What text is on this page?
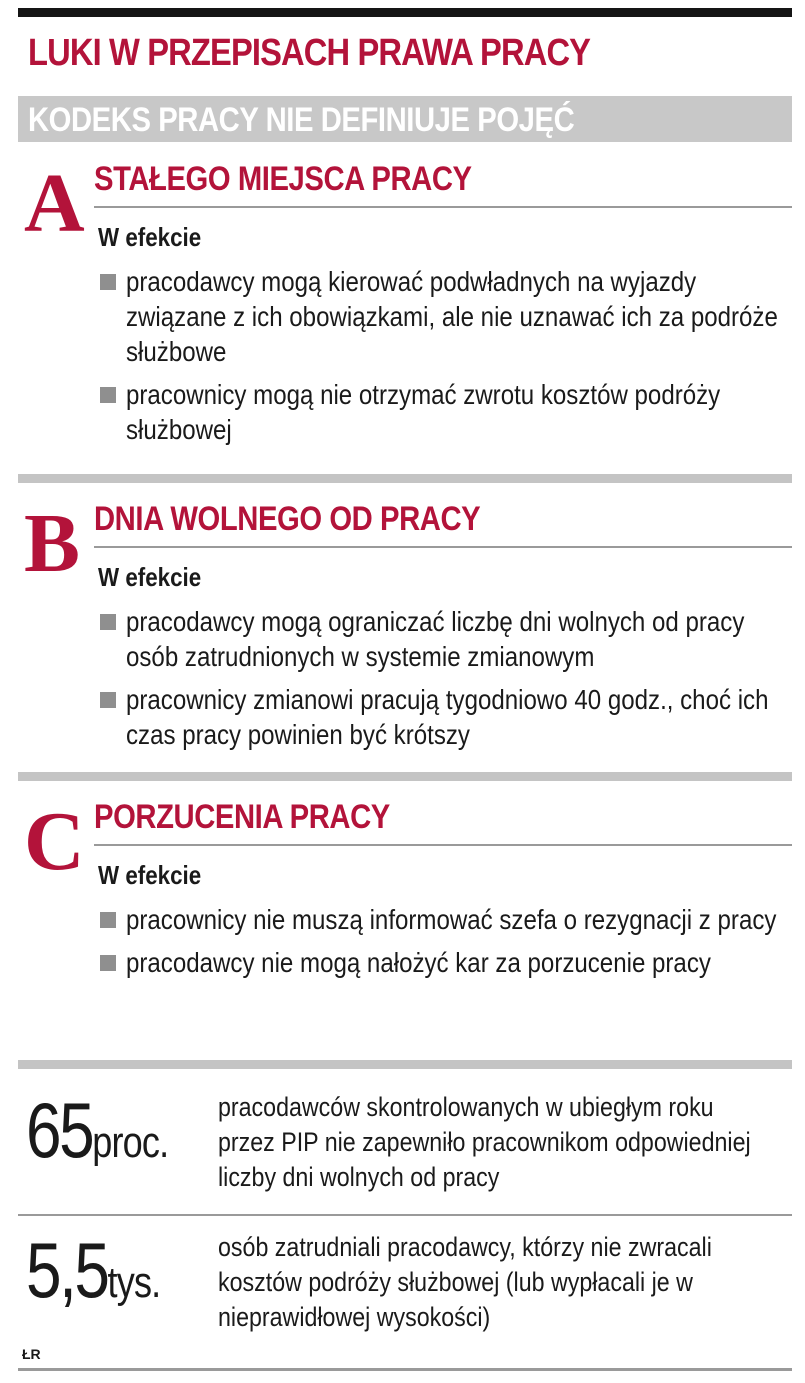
LUKI W PRZEPISACH PRAWA PRACY
KODEKS PRACY NIE DEFINIUJE POJĘĆ
A STAŁEGO MIEJSCA PRACY
W efekcie
pracodawcy mogą kierować podwładnych na wyjazdy związane z ich obowiązkami, ale nie uznawać ich za podróże służbowe
pracownicy mogą nie otrzymać zwrotu kosztów podróży służbowej
B DNIA WOLNEGO OD PRACY
W efekcie
pracodawcy mogą ograniczać liczbę dni wolnych od pracy osób zatrudnionych w systemie zmianowym
pracownicy zmianowi pracują tygodniowo 40 godz., choć ich czas pracy powinien być krótszy
C PORZUCENIA PRACY
W efekcie
pracownicy nie muszą informować szefa o rezygnacji z pracy
pracodawcy nie mogą nałożyć kar za porzucenie pracy
65proc.
pracodawców skontrolowanych w ubiegłym roku przez PIP nie zapewniło pracownikom odpowiedniej liczby dni wolnych od pracy
5,5tys.
osób zatrudniali pracodawcy, którzy nie zwracali kosztów podróży służbowej (lub wypłacali je w nieprawidłowej wysokości)
ŁR
